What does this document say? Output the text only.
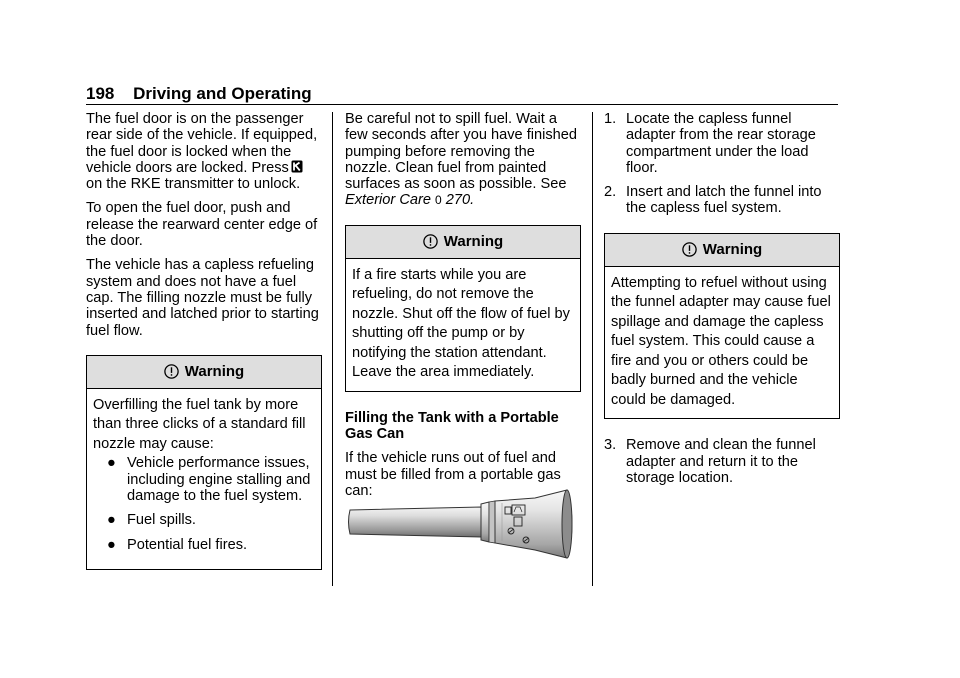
198 Driving and Operating

The fuel door is on the passenger rear side of the vehicle. If equipped, the fuel door is locked when the vehicle doors are locked. Press
on the RKE transmitter to unlock.

To open the fuel door, push and release the rearward center edge of the door.

The vehicle has a capless refueling system and does not have a fuel cap. The filling nozzle must be fully inserted and latched prior to starting fuel flow.

Warning
Overfilling the fuel tank by more than three clicks of a standard fill nozzle may cause:
● Vehicle performance issues, including engine stalling and damage to the fuel system.
● Fuel spills.
● Potential fuel fires.

Be careful not to spill fuel. Wait a few seconds after you have finished pumping before removing the nozzle. Clean fuel from painted surfaces as soon as possible. See
Exterior Care 0 270.

Warning
If a fire starts while you are refueling, do not remove the nozzle. Shut off the flow of fuel by shutting off the pump or by notifying the station attendant. Leave the area immediately.

Filling the Tank with a Portable Gas Can

If the vehicle runs out of fuel and must be filled from a portable gas can:

1. Locate the capless funnel adapter from the rear storage compartment under the load floor.
2. Insert and latch the funnel into the capless fuel system.
Warning
Attempting to refuel without using the funnel adapter may cause fuel spillage and damage the capless fuel system. This could cause a fire and you or others could be badly burned and the vehicle could be damaged.
3. Remove and clean the funnel adapter and return it to the storage location.
